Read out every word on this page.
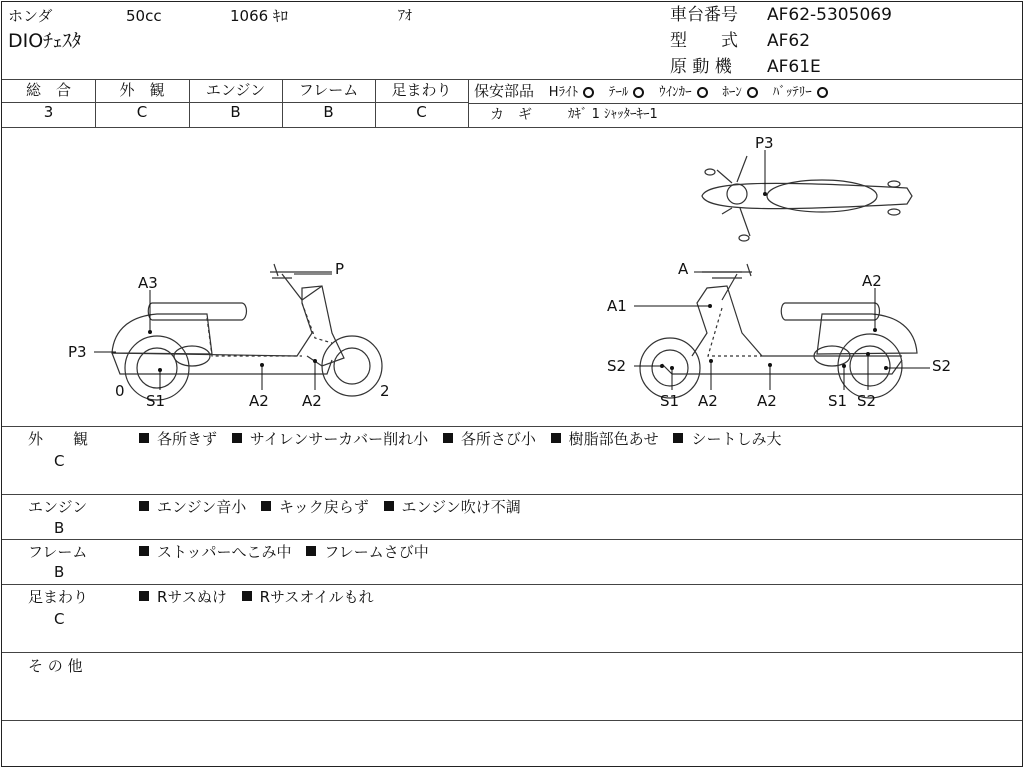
ホンダ	50cc	1066 ｷﾛ	ｱｵ
DIOﾁｪｽﾀ
車台番号 AF62-5305069
型　　式 AF62
原 動 機 AF61E
総　合	外　観	エンジン	フレーム	足まわり
3	C	B	B	C
保安部品 Hﾗｲﾄ ﾃｰﾙ ｳｲﾝｶｰ ﾎｰﾝ ﾊﾞｯﾃﾘｰ
カ　ギ	ｶｷﾞ 1 ｼｬｯﾀｰｷｰ1
A3
P
P3
0
S1	A2 A2
2
P3
A
A2
A1
S2	S2
S1 A2	A2	S1 S2
外　　観
C
各所きず サイレンサーカバー削れ小 各所さび小 樹脂部色あせ シートしみ大
エンジン
B
エンジン音小 キック戻らず エンジン吹け不調
フレーム
B
ストッパーへこみ中 フレームさび中
足まわり
C
Rサスぬけ Rサスオイルもれ
そ の 他
